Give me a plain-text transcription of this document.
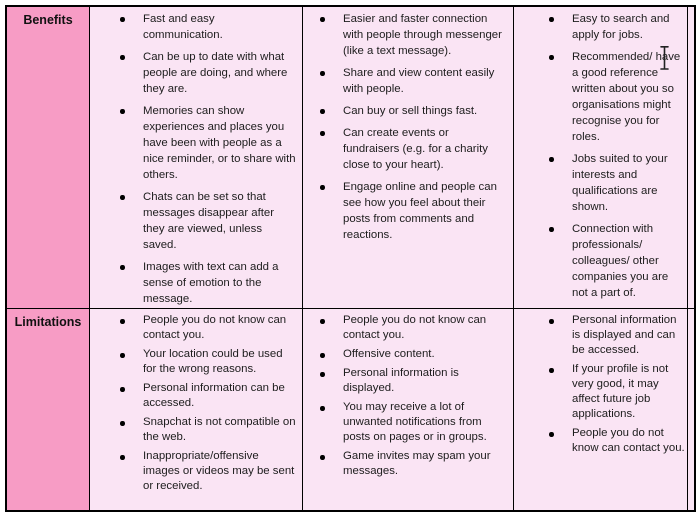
Benefits	Fast and easy communication.
Can be up to date with what people are doing, and where they are.
Memories can show experiences and places you have been with people as a nice reminder, or to share with others.
Chats can be set so that messages disappear after they are viewed, unless saved.
Images with text can add a sense of emotion to the message.
Easier and faster connection with people through messenger (like a text message).
Share and view content easily with people.
Can buy or sell things fast.
Can create events or fundraisers (e.g. for a charity close to your heart).
Engage online and people can see how you feel about their posts from comments and reactions.
Easy to search and apply for jobs.
Recommended/ have a good reference written about you so organisations might recognise you for roles.
Jobs suited to your interests and qualifications are shown.
Connection with professionals/ colleagues/ other companies you are not a part of.
Limitations	People you do not know can contact you.
Your location could be used for the wrong reasons.
Personal information can be accessed.
Snapchat is not compatible on the web.
Inappropriate/offensive images or videos may be sent or received.
People you do not know can contact you.
Offensive content.
Personal information is displayed.
You may receive a lot of unwanted notifications from posts on pages or in groups.
Game invites may spam your messages.
Personal information is displayed and can be accessed.
If your profile is not very good, it may affect future job applications.
People you do not know can contact you.
